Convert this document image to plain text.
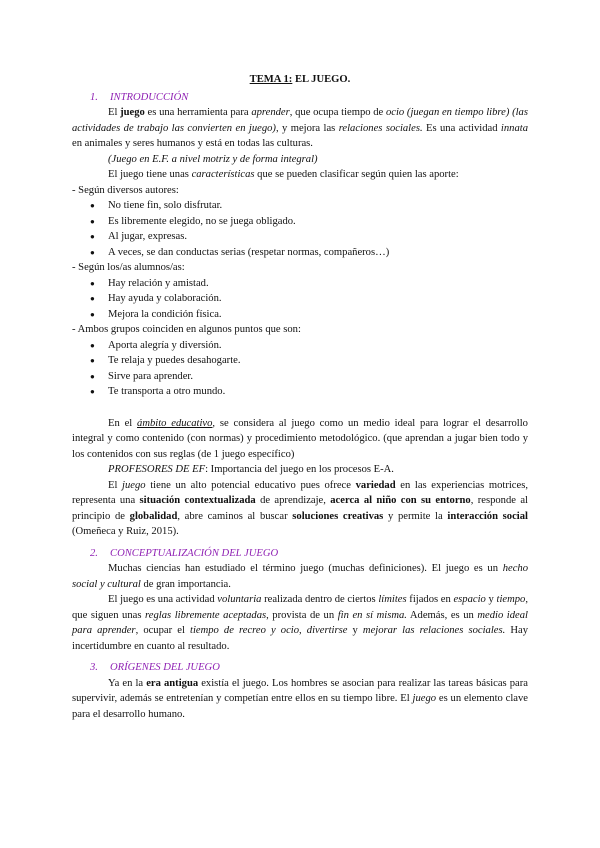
TEMA 1: EL JUEGO.
1. INTRODUCCIÓN

El juego es una herramienta para aprender, que ocupa tiempo de ocio (juegan en tiempo libre) (las actividades de trabajo las convierten en juego), y mejora las relaciones sociales. Es una actividad innata en animales y seres humanos y está en todas las culturas.

(Juego en E.F. a nivel motriz y de forma integral)

El juego tiene unas características que se pueden clasificar según quien las aporte:

- Según diversos autores:
● No tiene fin, solo disfrutar.
● Es libremente elegido, no se juega obligado.
● Al jugar, expresas.
● A veces, se dan conductas serias (respetar normas, compañeros…)
- Según los/as alumnos/as:
● Hay relación y amistad.
● Hay ayuda y colaboración.
● Mejora la condición física.
- Ambos grupos coinciden en algunos puntos que son:
● Aporta alegría y diversión.
● Te relaja y puedes desahogarte.
● Sirve para aprender.
● Te transporta a otro mundo.

En el ámbito educativo, se considera al juego como un medio ideal para lograr el desarrollo integral y como contenido (con normas) y procedimiento metodológico. (que aprendan a jugar bien todo y los contenidos con sus reglas (de 1 juego específico)

PROFESORES DE EF: Importancia del juego en los procesos E-A.

El juego tiene un alto potencial educativo pues ofrece variedad en las experiencias motrices, representa una situación contextualizada de aprendizaje, acerca al niño con su entorno, responde al principio de globalidad, abre caminos al buscar soluciones creativas y permite la interacción social (Omeñeca y Ruiz, 2015).

2. CONCEPTUALIZACIÓN DEL JUEGO

Muchas ciencias han estudiado el término juego (muchas definiciones). El juego es un hecho social y cultural de gran importancia.

El juego es una actividad voluntaria realizada dentro de ciertos límites fijados en espacio y tiempo, que siguen unas reglas libremente aceptadas, provista de un fin en sí misma. Además, es un medio ideal para aprender, ocupar el tiempo de recreo y ocio, divertirse y mejorar las relaciones sociales. Hay incertidumbre en cuanto al resultado.

3. ORÍGENES DEL JUEGO

Ya en la era antigua existía el juego. Los hombres se asocian para realizar las tareas básicas para supervivir, además se entretenían y competían entre ellos en su tiempo libre. El juego es un elemento clave para el desarrollo humano.
